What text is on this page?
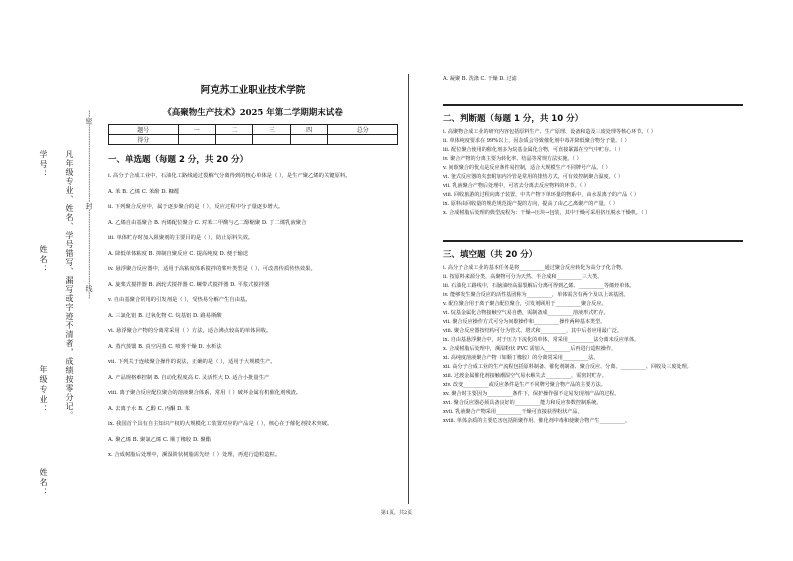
学号：
姓名：
年级专业：
姓名：
凡年级专业、姓名、学号错写、漏写或字迹不清者，成绩按零分记。 ---密---------------------------------封--------------------------------线---
阿克苏工业职业技术学院
《高聚物生产技术》2025 年第二学期期末试卷
题号	一	二	三	四	总分
得分					
一、单选题（每题 2 分，共 20 分）
i. 高分子合成工业中，石油化工路线通过裂解气分离得到的核心单体是（ ），是生产聚乙烯的关键原料。
A. 苯 B. 乙烯 C. 苯酚 D. 糠醛
ii. 下列聚合反应中，属于逐步聚合的是（ ），反应过程中分子量逐步增大。
A. 乙烯自由基聚合 B. 丙烯配位聚合 C. 对苯二甲酸与乙二醇缩聚 D. 丁二烯乳液聚合
iii. 单体贮存时加入阻聚剂的主要目的是（ ），防止原料失效。
A. 降低单体粘度 B. 抑制自聚反应 C. 提高纯度 D. 便于输送
iv. 悬浮聚合反应器中，适用于高粘度体系搅拌的桨叶类型是（ ），可改善传质传热效果。
A. 旋桨式搅拌器 B. 涡轮式搅拌器 C. 螺带式搅拌器 D. 平浆式搅拌器
v. 自由基聚合常用的引发剂是（ ），受热易分解产生自由基。
A. 三氯化铝 B. 过氧化物 C. 烷基铝 D. 路易斯酸
vi. 悬浮聚合产物的分离常采用（ ）方法，适合沸点较高的单体回收。
A. 蒸汽蒸馏 B. 真空闪蒸 C. 喷雾干燥 D. 水析法
vii. 下列关于连续聚合操作的说法，正确的是（ ），适用于大规模生产。
A. 产品规格难控制 B. 自动化程度高 C. 灵活性大 D. 适合小批量生产
viii. 离子聚合反应配位聚合的溶液聚合体系，常用（ ）破坏金属有机催化剂残渣。
A. 去离子水 B. 乙醇 C. 丙酮 D. 苯
ix. 我国首个具有自主知识产权的大规模化工装置对应的产品是（ ），核心在于催化剂技术突破。
A. 聚乙烯 B. 聚氯乙烯 C. 顺丁橡胶 D. 聚酯
x. 合成树脂后处理中，濒湿阶状树脂需先经（ ）处理，再进行造粒造粒。
A. 凝聚 B. 洗涤 C. 干燥 D. 过滤
二、判断题（每题 1 分，共 10 分）
i. 高聚物合成工业的研究内容包括原料生产、生产原理、设备和造及三废处理等核心环节。（ ）
ii. 单体纯度要求在 99%以上，因杂质会导致催化剂中毒并降低聚合物分子量。（ ）
iii. 配位聚合使用的催化剂多为烷基金属化合物，可直接暴露在空气中贮存。（ ）
iv. 聚合产物的分离主要为转化率、结晶等常规方法实施。（ ）
v. 间歇聚合的优点是反应条件易控制，适合大规模生产不同牌号产品。（ ）
vi. 釜式反应器的夹套附加内冷管是常用的排热方式，可有效控制聚合温度。（ ）
vii. 乳液聚合产物后处理中，可省去分离去反应物料的环节。（ ）
viii. 回收旅游的过程向离子装置，中共产物下单环量的物系中，由水泵离子的产品（ ）
ix. 原料由回收量的规范规范提产提的方向，提高了由乙乙离聚产的产量。（ ）
x. 合成树脂后处理的典型流程为：干燥→压块→包装，其中干燥可采用挤压脱水干燥机。（ ）
三、填空题（共 20 分）
i. 高分子合成工业的基本任务是将__________通过聚合反应转化为高分子化合物。
ii. 按原料来源分类，高聚物可分为天然、半合成和__________三大类。
iii. 石油化工路线中，石脑油经高温裂解后分离可得到乙烯、__________等烯烃单体。
iv. 能够发生聚合反应的活性基团称为__________，单体需含有两个及以上该基团。
v. 配位聚合用于离子聚合配位聚合，引发剂顾用于__________聚合反应。
vi. 烷基金属化合物接触空气易自燃，需制备成__________溶液形式贮存。
vii. 聚合反应操作方式可分为间歇操作和__________操作两种基本类型。
viii. 聚合反应器按结构可分为管式、塔式和__________，其中后者应用最广泛。
ix. 自由基悬浮聚合中，对于压力下流化的单体，常采用__________法分离未反应单体。
x. 合成树脂后处理中，濒湿粉状 PVC 需加入__________后再进行造粒操作。
xi. 高纯度溶液聚合产物（如顺丁橡胶）的分离常采用__________法。
xii. 高分子合成工业的生产流程包括原料制备、催化剂制备、聚合反应、分离、__________、回收及三废处理。
xiii. 过渡金属催化剂接触潮湿空气易水解失去__________，需密封贮存。
xiv. 改变__________或反应条件是生产不同牌号聚合物产品的主要方法。
xv. 聚合时主要因为__________条件下，保护操作强不定易发现剂产品的过程。
xvi. 聚合反应器必须具备良好的__________能力和反应参数控制系统。
xvii. 乳液聚合产物采用__________干燥可直接获得粉状产品。
xviii. 单体杂质的主要危害包括阻聚作用、催化剂中毒和使聚合物产生__________。
第1页，共2页
